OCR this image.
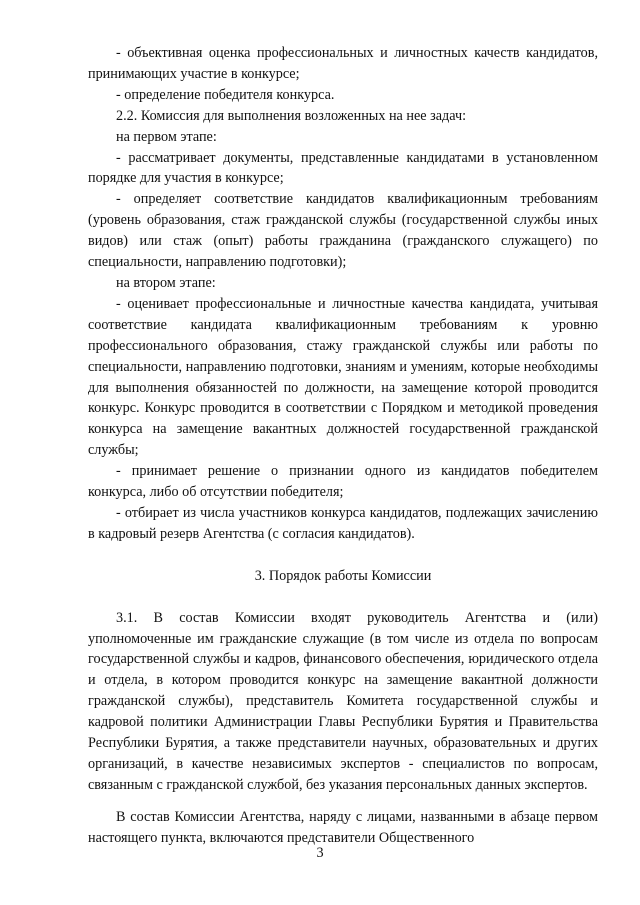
- объективная оценка профессиональных и личностных качеств кандидатов, принимающих участие в конкурсе;

- определение победителя конкурса.

2.2. Комиссия для выполнения возложенных на нее задач:

на первом этапе:

- рассматривает документы, представленные кандидатами в установленном порядке для участия в конкурсе;

- определяет соответствие кандидатов квалификационным требованиям (уровень образования, стаж гражданской службы (государственной службы иных видов) или стаж (опыт) работы гражданина (гражданского служащего) по специальности, направлению подготовки);

на втором этапе:

- оценивает профессиональные и личностные качества кандидата, учитывая соответствие кандидата квалификационным требованиям к уровню профессионального образования, стажу гражданской службы или работы по специальности, направлению подготовки, знаниям и умениям, которые необходимы для выполнения обязанностей по должности, на замещение которой проводится конкурс. Конкурс проводится в соответствии с Порядком и методикой проведения конкурса на замещение вакантных должностей государственной гражданской службы;

- принимает решение о признании одного из кандидатов победителем конкурса, либо об отсутствии победителя;

- отбирает из числа участников конкурса кандидатов, подлежащих зачислению в кадровый резерв Агентства (с согласия кандидатов).

3. Порядок работы Комиссии

3.1. В состав Комиссии входят руководитель Агентства и (или) уполномоченные им гражданские служащие (в том числе из отдела по вопросам государственной службы и кадров, финансового обеспечения, юридического отдела и отдела, в котором проводится конкурс на замещение вакантной должности гражданской службы), представитель Комитета государственной службы и кадровой политики Администрации Главы Республики Бурятия и Правительства Республики Бурятия, а также представители научных, образовательных и других организаций, в качестве независимых экспертов - специалистов по вопросам, связанным с гражданской службой, без указания персональных данных экспертов.

В состав Комиссии Агентства, наряду с лицами, названными в абзаце первом настоящего пункта, включаются представители Общественного

3
